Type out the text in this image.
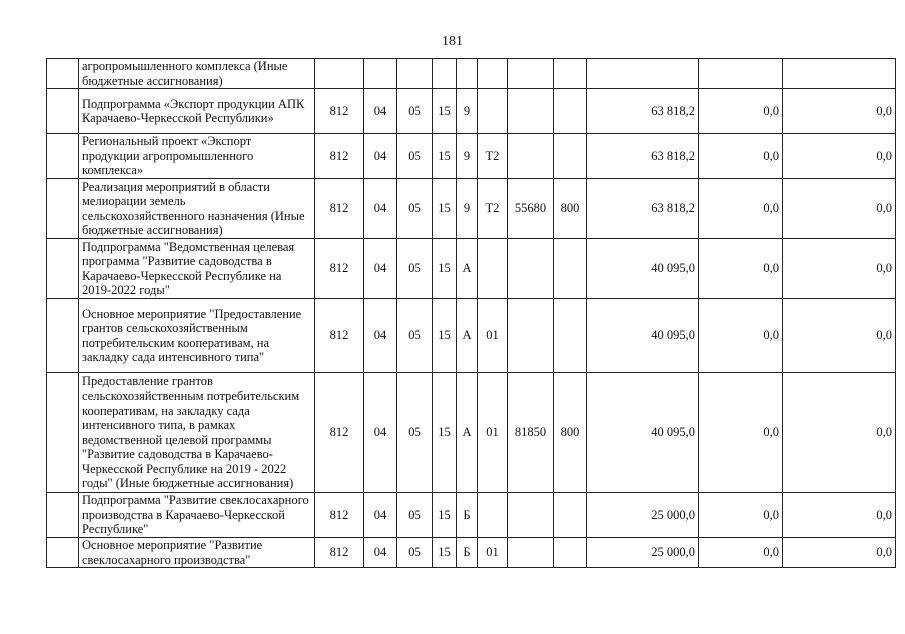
181
	агропромышленного комплекса (Иные бюджетные ассигнования)											
	Подпрограмма «Экспорт продукции АПК Карачаево-Черкесской Республики»	812	04	05	15	9				63 818,2	0,0	0,0
	Региональный проект «Экспорт продукции агропромышленного комплекса»	812	04	05	15	9	T2			63 818,2	0,0	0,0
	Реализация мероприятий в области мелиорации земель сельскохозяйственного назначения (Иные бюджетные ассигнования)	812	04	05	15	9	T2	55680	800	63 818,2	0,0	0,0
	Подпрограмма "Ведомственная целевая программа "Развитие садоводства в Карачаево-Черкесской Республике на 2019-2022 годы"	812	04	05	15	А				40 095,0	0,0	0,0
	Основное мероприятие "Предоставление грантов сельскохозяйственным потребительским кооперативам, на закладку сада интенсивного типа"	812	04	05	15	А	01			40 095,0	0,0	0,0
	Предоставление грантов сельскохозяйственным потребительским кооперативам, на закладку сада интенсивного типа, в рамках ведомственной целевой программы "Развитие садоводства в Карачаево-Черкесской Республике на 2019 - 2022 годы" (Иные бюджетные ассигнования)	812	04	05	15	А	01	81850	800	40 095,0	0,0	0,0
	Подпрограмма "Развитие свеклосахарного производства в Карачаево-Черкесской Республике"	812	04	05	15	Б				25 000,0	0,0	0,0
	Основное мероприятие "Развитие свеклосахарного производства"	812	04	05	15	Б	01			25 000,0	0,0	0,0
